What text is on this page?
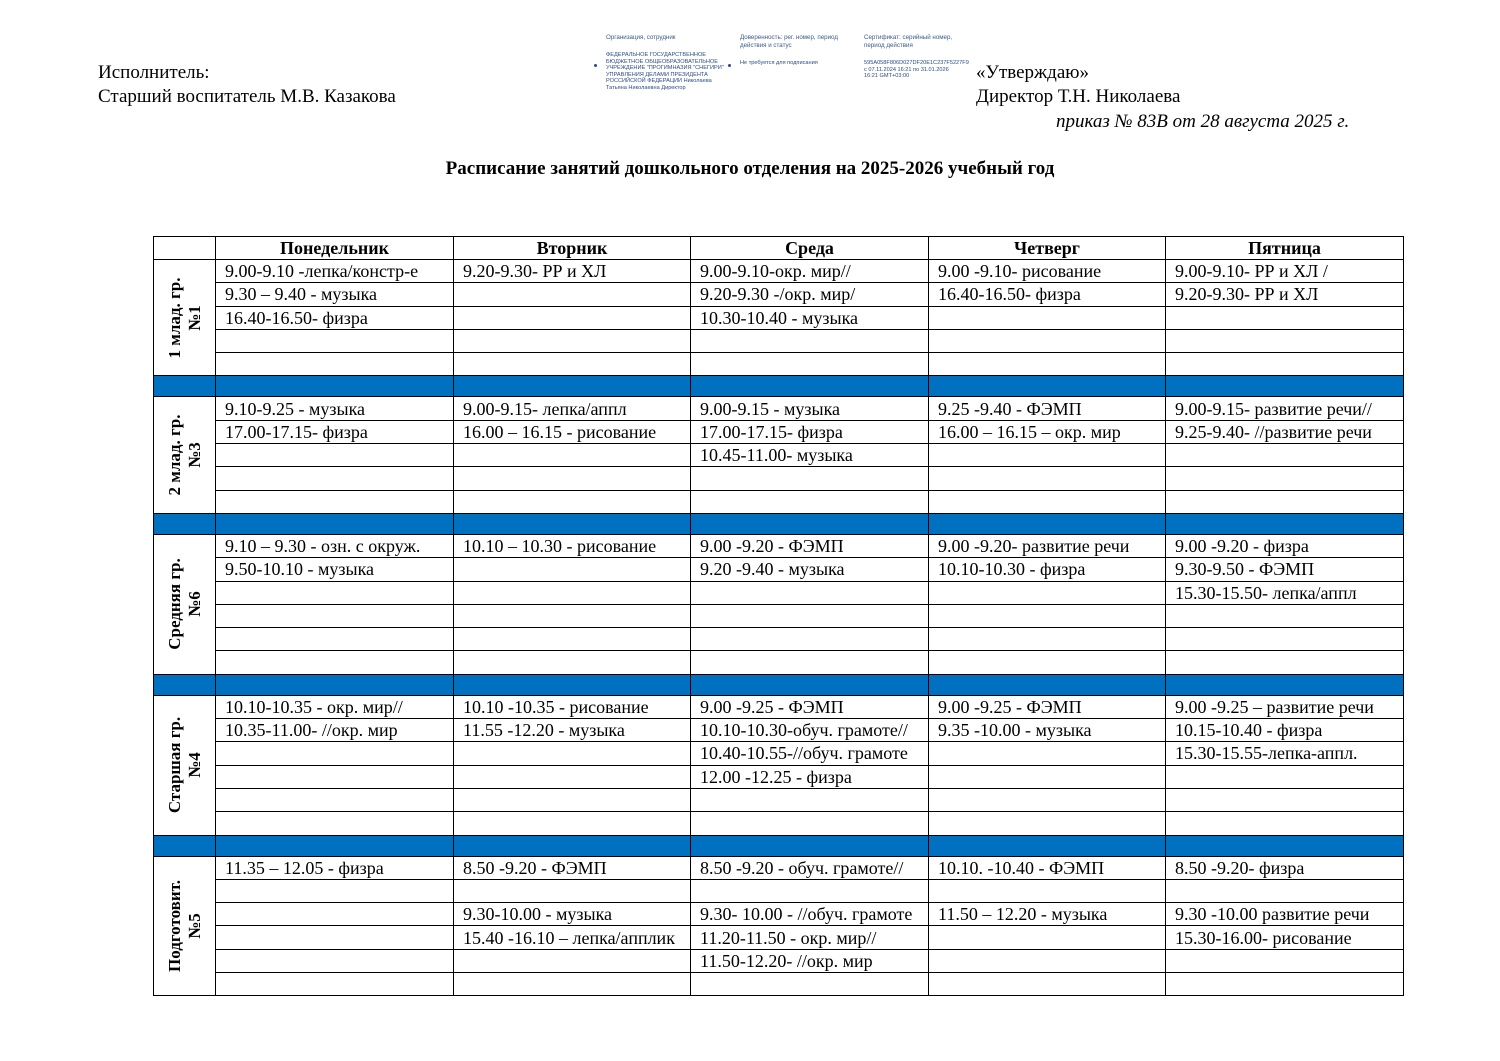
Исполнитель:
Старший воспитатель М.В. Казакова
Организация, сотрудник
ФЕДЕРАЛЬНОЕ ГОСУДАРСТВЕННОЕ БЮДЖЕТНОЕ ОБЩЕОБРАЗОВАТЕЛЬНОЕ УЧРЕЖДЕНИЕ "ПРОГИМНАЗИЯ "СНЕГИРИ" УПРАВЛЕНИЯ ДЕЛАМИ ПРЕЗИДЕНТА РОССИЙСКОЙ ФЕДЕРАЦИИ Николаева Татьяна Николаевна Директор
Доверенность: рег. номер, период действия и статус
Не требуется для подписания
Сертификат: серийный номер, период действия
595A058F806D027DF20E1C237F5227F9 с 07.11.2024 16:21 по 31.01.2026 16:21 GMT+03:00	«Утверждаю»
Директор Т.Н. Николаева
приказ № 83В от 28 августа 2025 г.
Расписание занятий дошкольного отделения на 2025-2026 учебный год
	Понедельник	Вторник	Среда	Четверг	Пятница

1 млад. гр. №1	9.00-9.10 -лепка/констр-е	9.20-9.30- РР и ХЛ	9.00-9.10-окр. мир//	9.00 -9.10- рисование	9.00-9.10- РР и ХЛ /
	9.30 – 9.40 - музыка		9.20-9.30 -/окр. мир/	16.40-16.50- физра	9.20-9.30- РР и ХЛ
	16.40-16.50- физра		10.30-10.40 - музыка		

2 млад. гр. №3	9.10-9.25 - музыка	9.00-9.15- лепка/аппл	9.00-9.15 - музыка	9.25 -9.40 - ФЭМП	9.00-9.15- развитие речи//
	17.00-17.15- физра	16.00 – 16.15 - рисование	17.00-17.15- физра	16.00 – 16.15 – окр. мир	9.25-9.40- //развитие речи
			10.45-11.00- музыка		

Средняя гр. №6	9.10 – 9.30 - озн. с окруж.	10.10 – 10.30 - рисование	9.00 -9.20 - ФЭМП	9.00 -9.20- развитие речи	9.00 -9.20 - физра
	9.50-10.10 - музыка		9.20 -9.40 - музыка	10.10-10.30 - физра	9.30-9.50 - ФЭМП
					15.30-15.50- лепка/аппл

Старшая гр. №4	10.10-10.35 - окр. мир//	10.10 -10.35 - рисование	9.00 -9.25 - ФЭМП	9.00 -9.25 - ФЭМП	9.00 -9.25 – развитие речи
	10.35-11.00- //окр. мир	11.55 -12.20 - музыка	10.10-10.30-обуч. грамоте//	9.35 -10.00 - музыка	10.15-10.40 - физра
			10.40-10.55-//обуч. грамоте		15.30-15.55-лепка-аппл.
			12.00 -12.25 - физра		

Подготовит. №5	11.35 – 12.05 - физра	8.50 -9.20 - ФЭМП	8.50 -9.20 - обуч. грамоте//	10.10. -10.40 - ФЭМП	8.50 -9.20- физра

		9.30-10.00 - музыка	9.30- 10.00 - //обуч. грамоте	11.50 – 12.20 - музыка	9.30 -10.00 развитие речи
		15.40 -16.10 – лепка/апплик	11.20-11.50 - окр. мир//		15.30-16.00- рисование
			11.50-12.20- //окр. мир		
